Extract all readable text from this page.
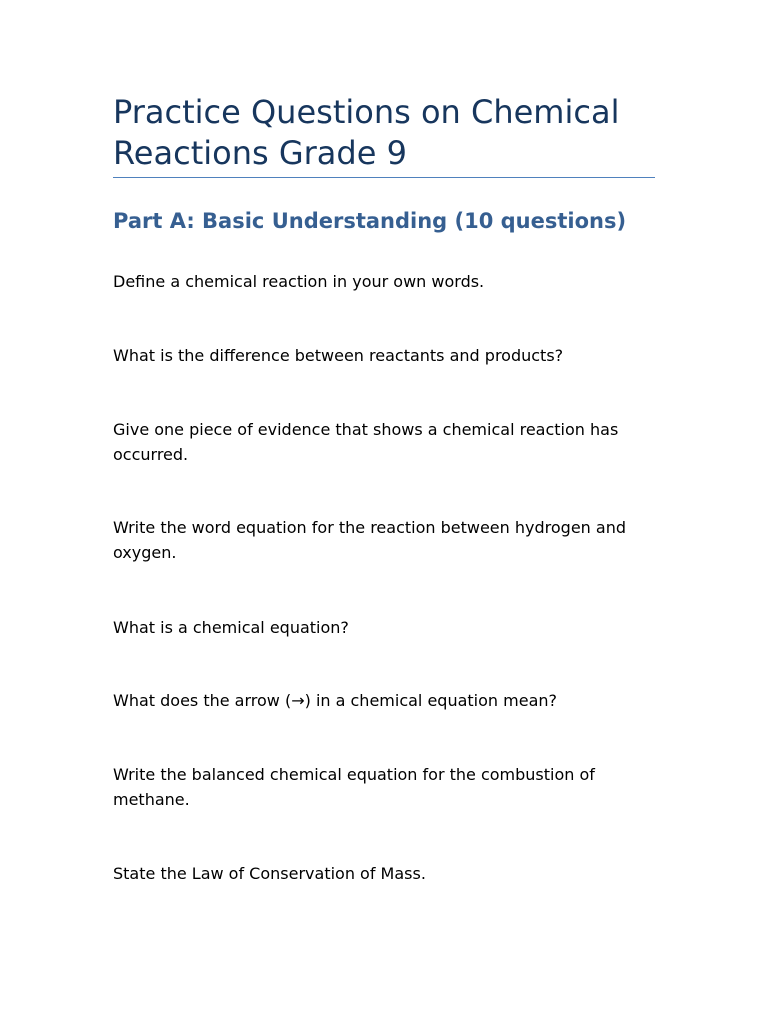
Practice Questions on Chemical Reactions Grade 9
Part A: Basic Understanding (10 questions)

Define a chemical reaction in your own words.

What is the difference between reactants and products?

Give one piece of evidence that shows a chemical reaction has occurred.

Write the word equation for the reaction between hydrogen and oxygen.

What is a chemical equation?

What does the arrow (→) in a chemical equation mean?

Write the balanced chemical equation for the combustion of methane.

State the Law of Conservation of Mass.
